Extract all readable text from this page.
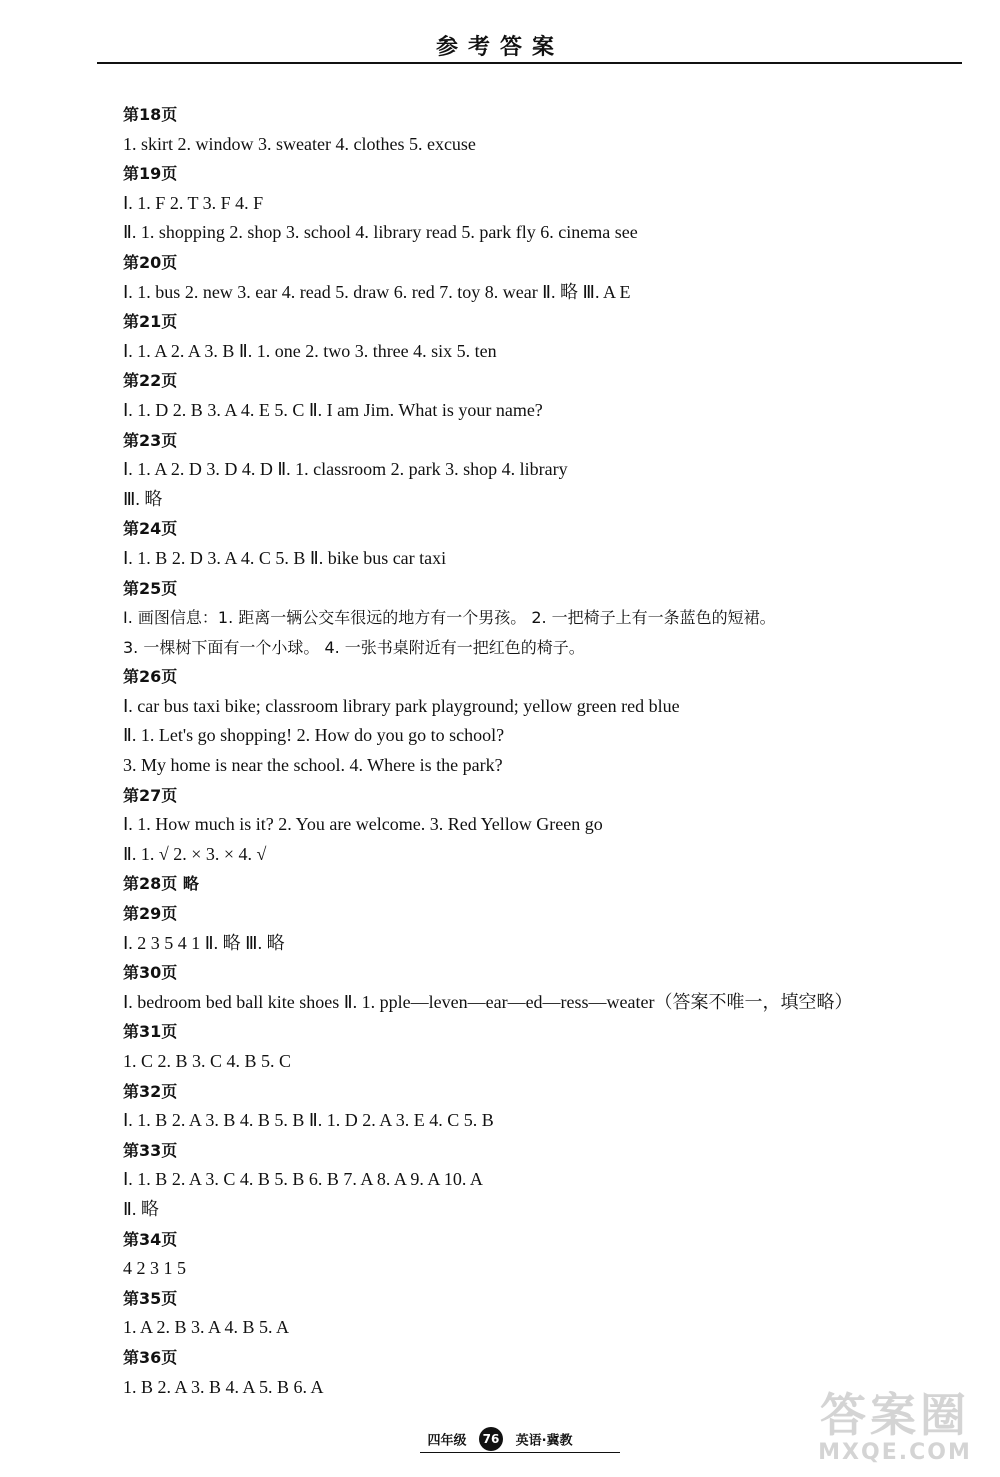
参考答案
第18页
1. skirt 2. window 3. sweater 4. clothes 5. excuse
第19页
Ⅰ. 1. F 2. T 3. F 4. F
Ⅱ. 1. shopping 2. shop 3. school 4. library read 5. park fly 6. cinema see
第20页
Ⅰ. 1. bus 2. new 3. ear 4. read 5. draw 6. red 7. toy 8. wear Ⅱ. 略 Ⅲ. A E
第21页
Ⅰ. 1. A 2. A 3. B Ⅱ. 1. one 2. two 3. three 4. six 5. ten
第22页
Ⅰ. 1. D 2. B 3. A 4. E 5. C Ⅱ. I am Jim. What is your name?
第23页
Ⅰ. 1. A 2. D 3. D 4. D Ⅱ. 1. classroom 2. park 3. shop 4. library
Ⅲ. 略
第24页
Ⅰ. 1. B 2. D 3. A 4. C 5. B Ⅱ. bike bus car taxi
第25页
Ⅰ. 画图信息：1. 距离一辆公交车很远的地方有一个男孩。 2. 一把椅子上有一条蓝色的短裙。
3. 一棵树下面有一个小球。 4. 一张书桌附近有一把红色的椅子。
第26页
Ⅰ. car bus taxi bike; classroom library park playground; yellow green red blue
Ⅱ. 1. Let's go shopping! 2. How do you go to school?
3. My home is near the school. 4. Where is the park?
第27页
Ⅰ. 1. How much is it? 2. You are welcome. 3. Red Yellow Green go
Ⅱ. 1. √ 2. × 3. × 4. √
第28页 略
第29页
Ⅰ. 2 3 5 4 1 Ⅱ. 略 Ⅲ. 略
第30页
Ⅰ. bedroom bed ball kite shoes Ⅱ. 1. pple—leven—ear—ed—ress—weater（答案不唯一，填空略）
第31页
1. C 2. B 3. C 4. B 5. C
第32页
Ⅰ. 1. B 2. A 3. B 4. B 5. B Ⅱ. 1. D 2. A 3. E 4. C 5. B
第33页
Ⅰ. 1. B 2. A 3. C 4. B 5. B 6. B 7. A 8. A 9. A 10. A
Ⅱ. 略
第34页
4 2 3 1 5
第35页
1. A 2. B 3. A 4. B 5. A
第36页
1. B 2. A 3. B 4. A 5. B 6. A
四年级 76 英语·冀教	答案圈
MXQE.COM
